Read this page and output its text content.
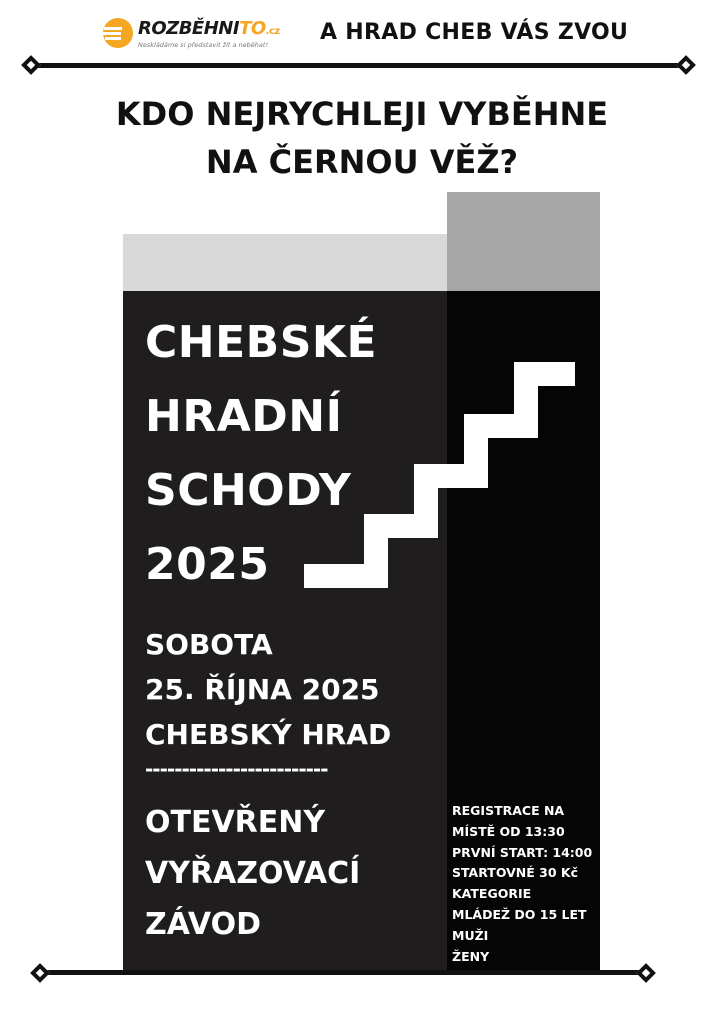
ROZBĚHNITO.cz
Neskládáme si představit žít a neběhat! A HRAD CHEB VÁS ZVOU
KDO NEJRYCHLEJI VYBĚHNE
NA ČERNOU VĚŽ?
CHEBSKÉ
HRADNÍ
SCHODY
2025
SOBOTA
25. ŘÍJNA 2025
CHEBSKÝ HRAD
-------------------------
OTEVŘENÝ
VYŘAZOVACÍ
ZÁVOD
REGISTRACE NA
MÍSTĚ OD 13:30
PRVNÍ START: 14:00
STARTOVNÉ 30 Kč
KATEGORIE
MLÁDEŽ DO 15 LET
MUŽI
ŽENY
